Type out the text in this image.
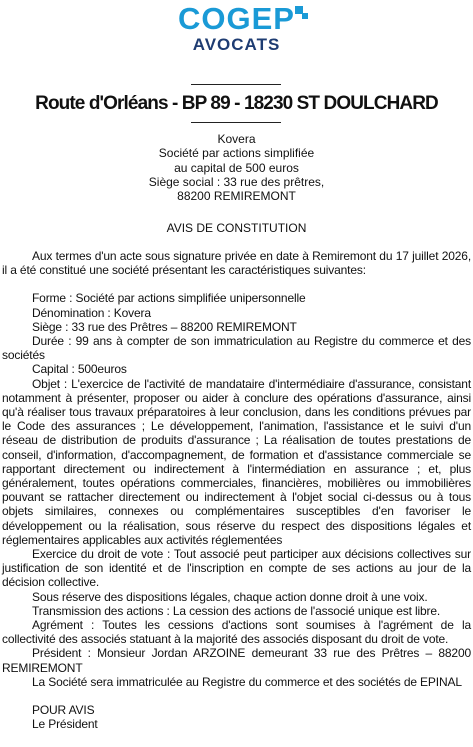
COGEP
AVOCATS
Route d'Orléans - BP 89 - 18230 ST DOULCHARD
Kovera
Société par actions simplifiée
au capital de 500 euros
Siège social : 33 rue des prêtres,
88200 REMIREMONT
AVIS DE CONSTITUTION

Aux termes d'un acte sous signature privée en date à Remiremont du 17 juillet 2026, il a été constitué une société présentant les caractéristiques suivantes:

Forme : Société par actions simplifiée unipersonnelle

Dénomination : Kovera

Siège : 33 rue des Prêtres – 88200 REMIREMONT

Durée : 99 ans à compter de son immatriculation au Registre du commerce et des sociétés

Capital : 500euros

Objet : L'exercice de l'activité de mandataire d'intermédiaire d'assurance, consistant notamment à présenter, proposer ou aider à conclure des opérations d'assurance, ainsi qu'à réaliser tous travaux préparatoires à leur conclusion, dans les conditions prévues par le Code des assurances ; Le développement, l'animation, l'assistance et le suivi d'un réseau de distribution de produits d'assurance ; La réalisation de toutes prestations de conseil, d'information, d'accompagnement, de formation et d'assistance commerciale se rapportant directement ou indirectement à l'intermédiation en assurance ; et, plus généralement, toutes opérations commerciales, financières, mobilières ou immobilières pouvant se rattacher directement ou indirectement à l'objet social ci-dessus ou à tous objets similaires, connexes ou complémentaires susceptibles d'en favoriser le développement ou la réalisation, sous réserve du respect des dispositions légales et réglementaires applicables aux activités réglementées

Exercice du droit de vote : Tout associé peut participer aux décisions collectives sur justification de son identité et de l'inscription en compte de ses actions au jour de la décision collective.

Sous réserve des dispositions légales, chaque action donne droit à une voix.

Transmission des actions : La cession des actions de l'associé unique est libre.

Agrément : Toutes les cessions d'actions sont soumises à l'agrément de la collectivité des associés statuant à la majorité des associés disposant du droit de vote.

Président : Monsieur Jordan ARZOINE demeurant 33 rue des Prêtres – 88200 REMIREMONT

La Société sera immatriculée au Registre du commerce et des sociétés de EPINAL

POUR AVIS

Le Président
